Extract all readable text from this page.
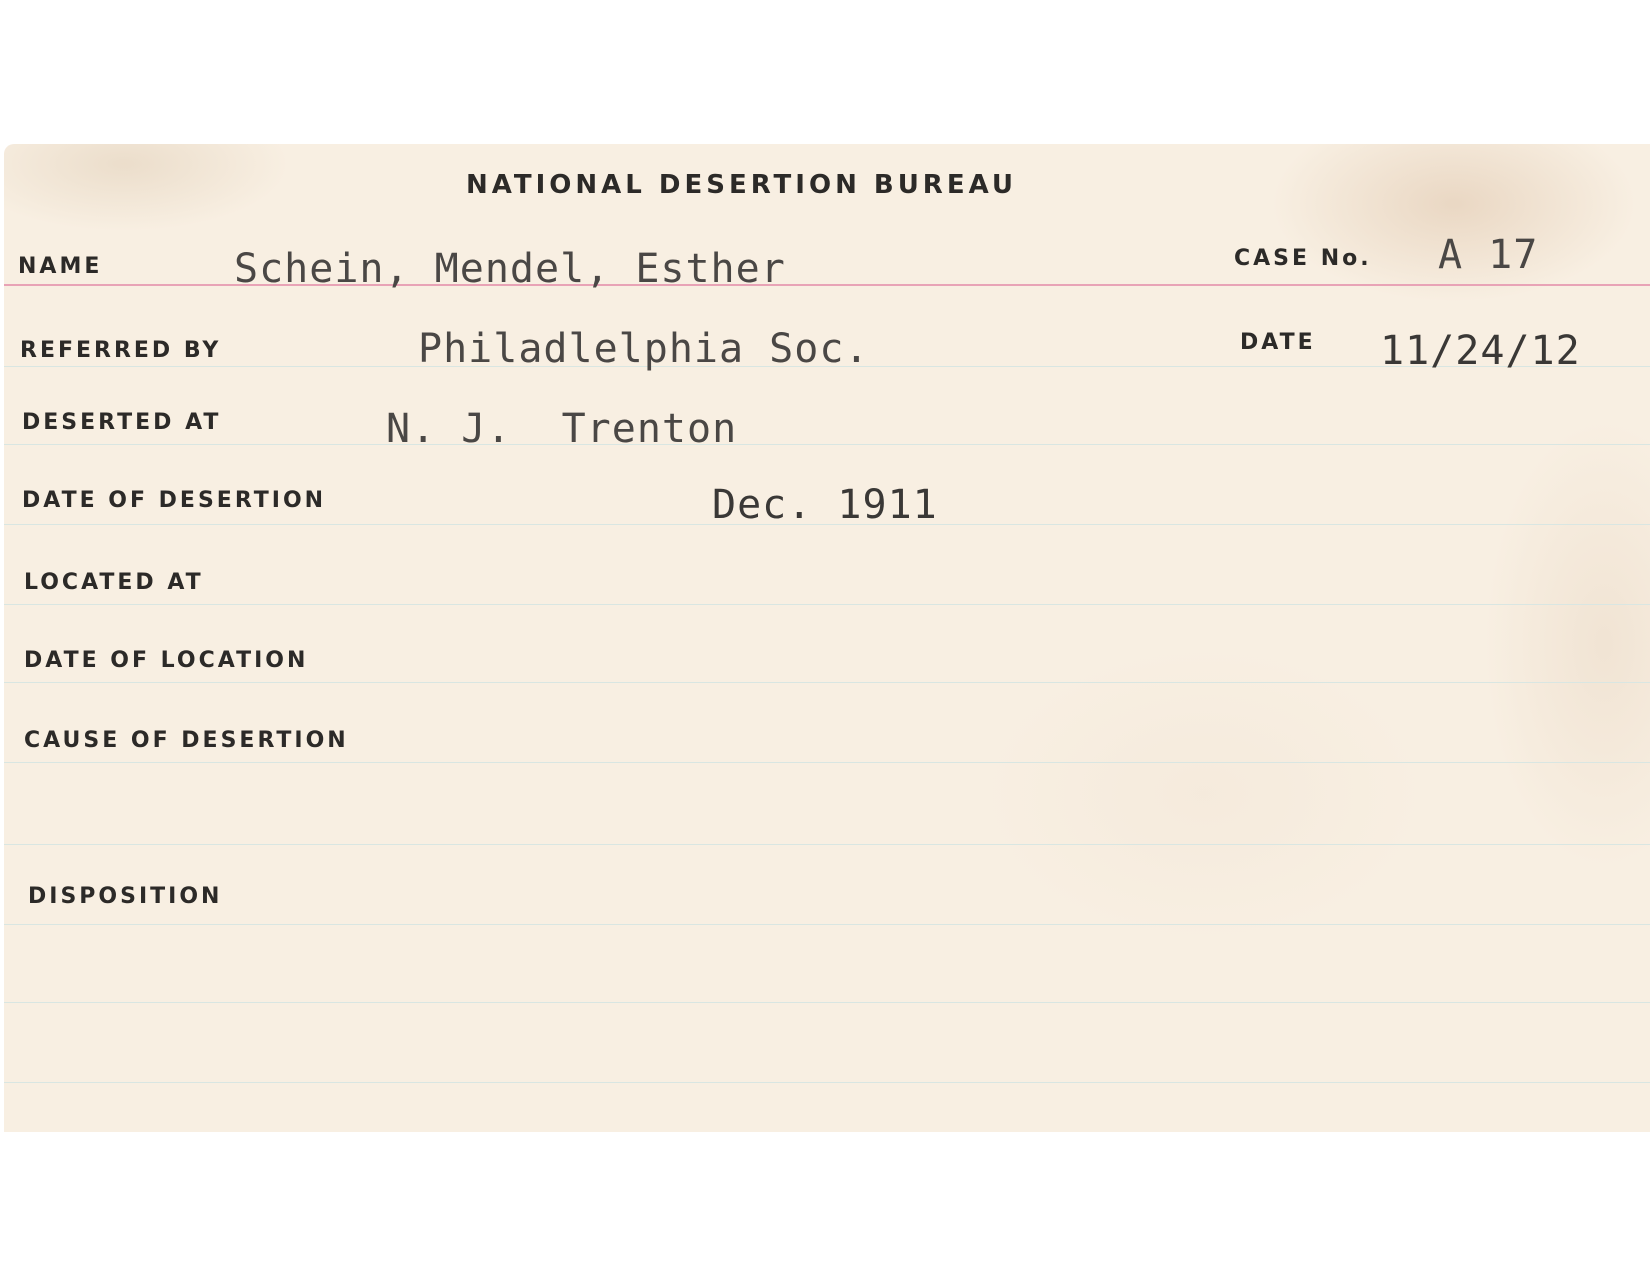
NATIONAL DESERTION BUREAU
NAME	Schein, Mendel, Esther	CASE No. A 17
REFERRED BY	Philadlelphia Soc.	DATE 11/24/12
DESERTED AT	N. J.  Trenton
DATE OF DESERTION	Dec. 1911
LOCATED AT
DATE OF LOCATION
CAUSE OF DESERTION
DISPOSITION
